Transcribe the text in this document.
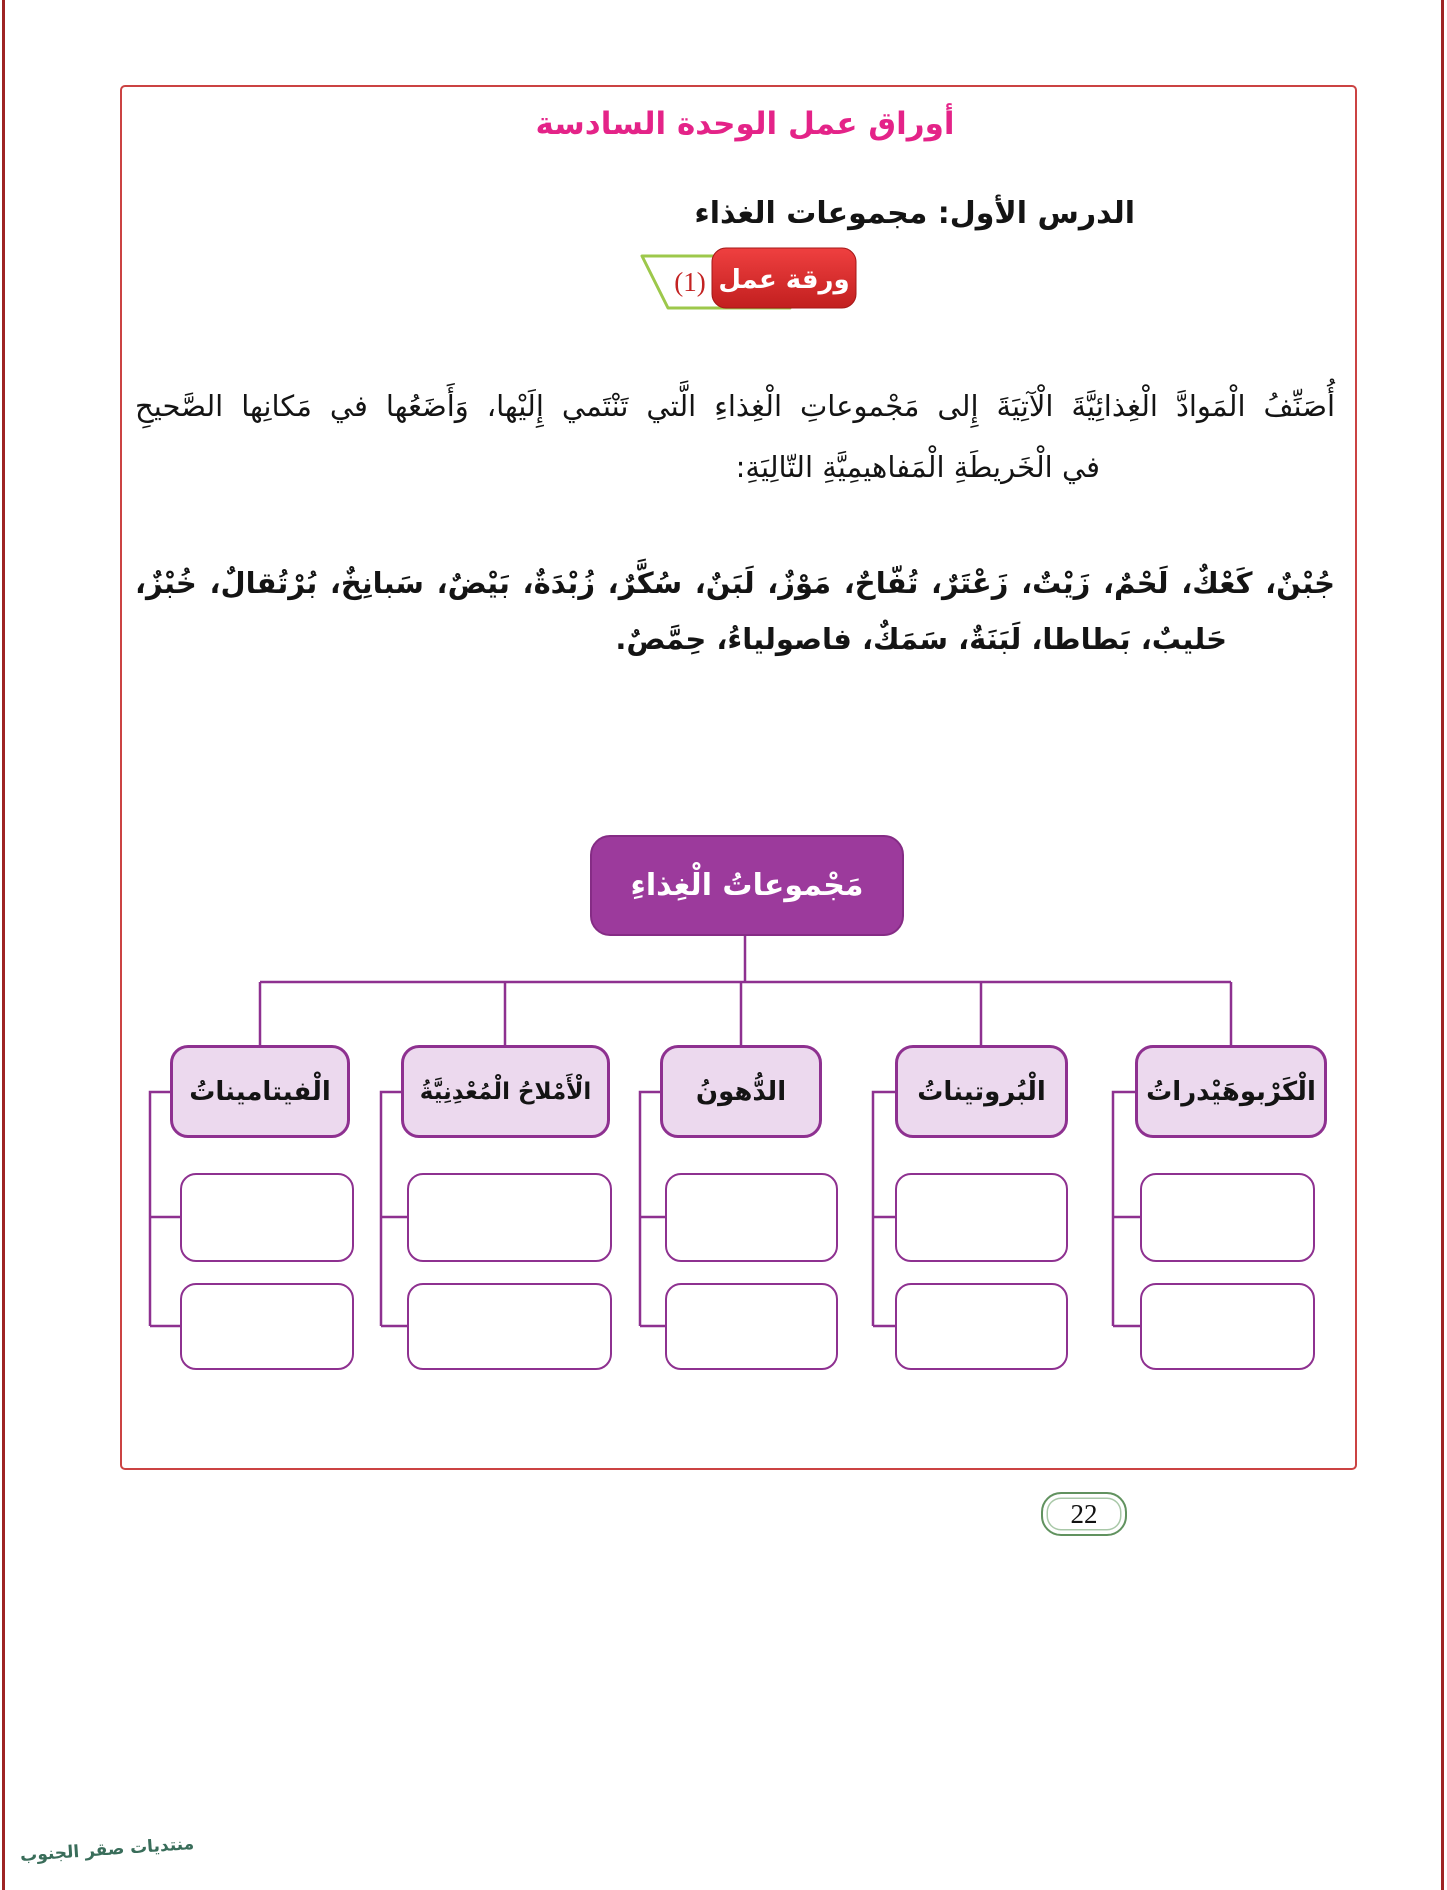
أوراق عمل الوحدة السادسة
الدرس الأول: مجموعات الغذاء
ورقة عمل
(1)
أُصَنِّفُ الْمَوادَّ الْغِذائِيَّةَ الْآتِيَةَ إِلى مَجْموعاتِ الْغِذاءِ الَّتي تَنْتَمي إِلَيْها، وَأَضَعُها في مَكانِها الصَّحيحِ
في الْخَريطَةِ الْمَفاهيمِيَّةِ التّالِيَةِ:
جُبْنٌ، كَعْكٌ، لَحْمٌ، زَيْتٌ، زَعْتَرٌ، تُفّاحٌ، مَوْزٌ، لَبَنٌ، سُكَّرٌ، زُبْدَةٌ، بَيْضٌ، سَبانِخٌ، بُرْتُقالٌ، خُبْزٌ،
حَليبٌ، بَطاطا، لَبَنَةٌ، سَمَكٌ، فاصولياءُ، حِمَّصٌ.
مَجْموعاتُ الْغِذاءِ
الْكَرْبوهَيْدراتُ
الْبُروتيناتُ
الدُّهونُ
الْأَمْلاحُ الْمُعْدِنِيَّةُ
الْفيتاميناتُ
22
منتديات صقر الجنوب
